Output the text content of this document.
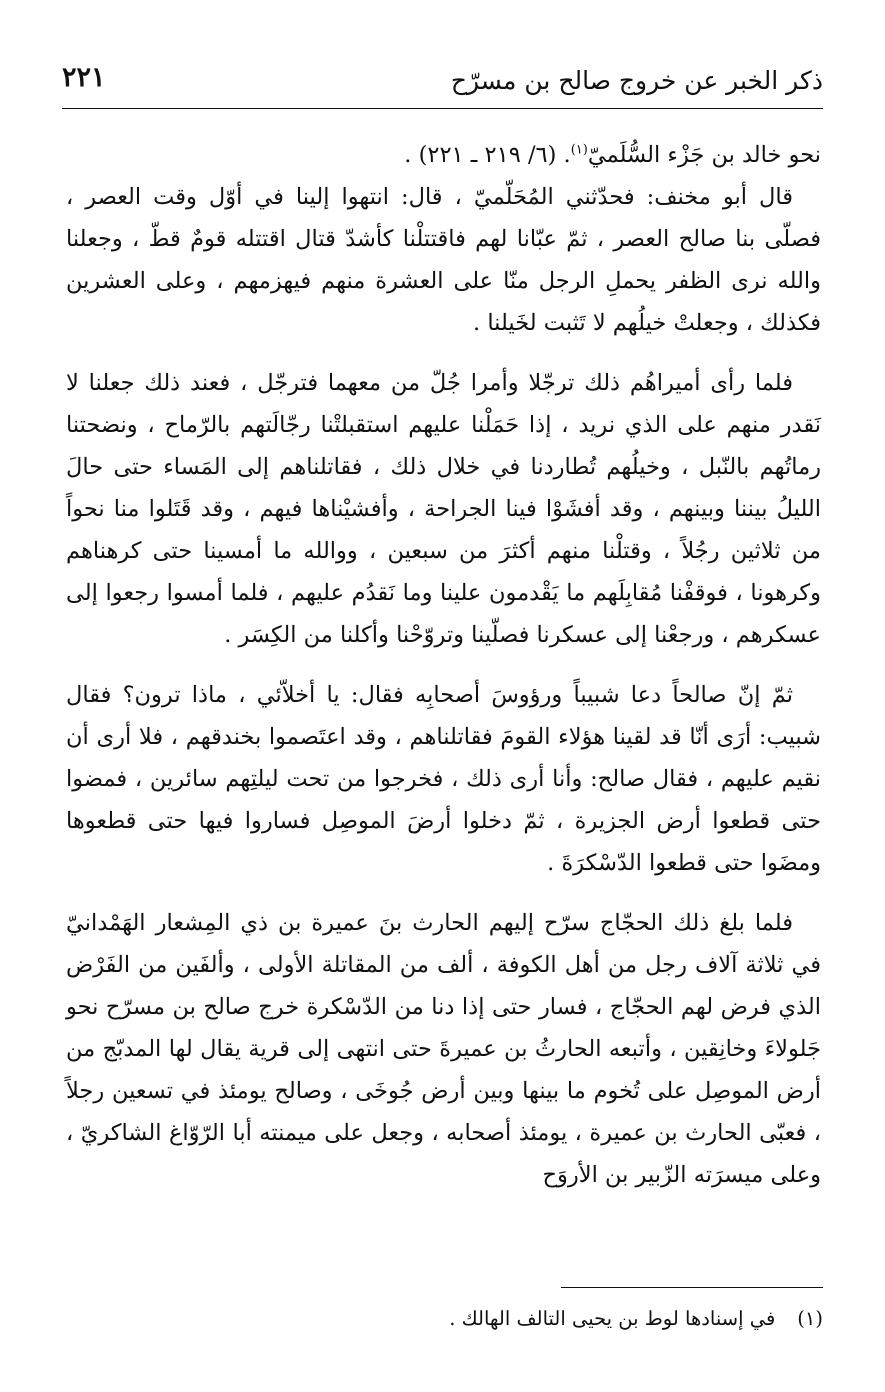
ذكر الخبر عن خروج صالح بن مسرّح
٢٢١

نحو خالد بن جَزْء السُّلَميّ$^{(١)}$. (٦/ ٢١٩ ـ ٢٢١) .

قال أبو مخنف: فحدّثني المُحَلّميّ ، قال: انتهوا إلينا في أوّل وقت العصر ، فصلّى بنا صالح العصر ، ثمّ عبّانا لهم فاقتتلْنا كأشدّ قتال اقتتله قومٌ قطّ ، وجعلنا والله نرى الظفر يحملِ الرجل منّا على العشرة منهم فيهزمهم ، وعلى العشرين فكذلك ، وجعلتْ خيلُهم لا تَثبت لخَيلنا .

فلما رأى أميراهُم ذلك ترجّلا وأمرا جُلّ من معهما فترجّل ، فعند ذلك جعلنا لا نَقدر منهم على الذي نريد ، إذا حَمَلْنا عليهم استقبلتْنا رجّالَتهم بالرّماح ، ونضحتنا رماتُهم بالنّبل ، وخيلُهم تُطاردنا في خلال ذلك ، فقاتلناهم إلى المَساء حتى حالَ الليلُ بيننا وبينهم ، وقد أفشَوْا فينا الجراحة ، وأفشيْناها فيهم ، وقد قَتَلوا منا نحواً من ثلاثين رجُلاً ، وقتلْنا منهم أكثرَ من سبعين ، ووالله ما أمسينا حتى كرهناهم وكرهونا ، فوقفْنا مُقابِلَهم ما يَقْدمون علينا وما نَقدُم عليهم ، فلما أمسوا رجعوا إلى عسكرهم ، ورجعْنا إلى عسكرنا فصلّينا وتروّحْنا وأكلنا من الكِسَر .

ثمّ إنّ صالحاً دعا شبيباً ورؤوسَ أصحابِه فقال: يا أخلاّئي ، ماذا ترون؟ فقال شبيب: أرَى أنّا قد لقينا هؤلاء القومَ فقاتلناهم ، وقد اعتَصموا بخندقهم ، فلا أرى أن نقيم عليهم ، فقال صالح: وأنا أرى ذلك ، فخرجوا من تحت ليلتِهم سائرين ، فمضوا حتى قطعوا أرض الجزيرة ، ثمّ دخلوا أرضَ الموصِل فساروا فيها حتى قطعوها ومضَوا حتى قطعوا الدّسْكرَةَ .

فلما بلغ ذلك الحجّاج سرّح إليهم الحارث بنَ عميرة بن ذي المِشعار الهَمْدانيّ في ثلاثة آلاف رجل من أهل الكوفة ، ألف من المقاتلة الأولى ، وألفَين من الفَرْض الذي فرض لهم الحجّاج ، فسار حتى إذا دنا من الدّسْكرة خرج صالح بن مسرّح نحو جَلولاءَ وخانِقين ، وأتبعه الحارثُ بن عميرةَ حتى انتهى إلى قرية يقال لها المدبّج من أرض الموصِل على تُخوم ما بينها وبين أرض جُوخَى ، وصالح يومئذ في تسعين رجلاً ، فعبّى الحارث بن عميرة ، يومئذ أصحابه ، وجعل على ميمنته أبا الرّوّاغ الشاكريّ ، وعلى ميسرَته الزّبير بن الأروَح

(١)في إسنادها لوط بن يحيى التالف الهالك .
